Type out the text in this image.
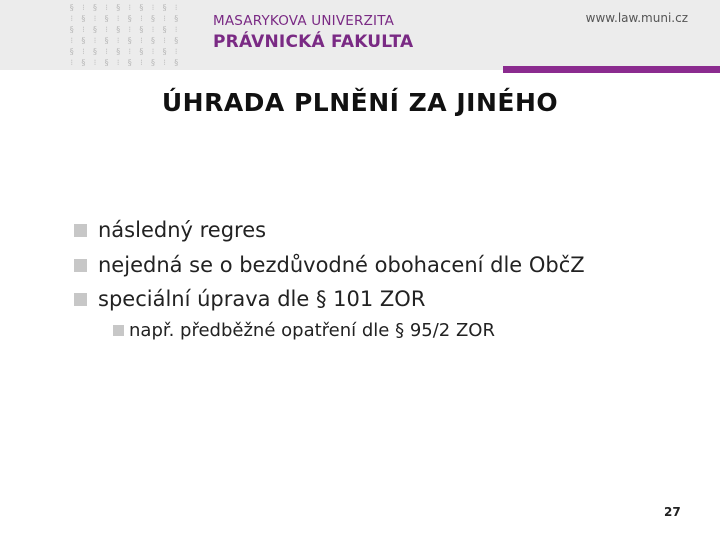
§	⁝	§	⁝	§	⁝	§	⁝	§	⁝
⁝	§	⁝	§	⁝	§	⁝	§	⁝	§
§	⁝	§	⁝	§	⁝	§	⁝	§	⁝
⁝	§	⁝	§	⁝	§	⁝	§	⁝	§
§	⁝	§	⁝	§	⁝	§	⁝	§	⁝
⁝	§	⁝	§	⁝	§	⁝	§	⁝	§
MASARYKOVA UNIVERZITA
PRÁVNICKÁ FAKULTA
www.law.muni.cz
ÚHRADA PLNĚNÍ ZA JINÉHO
následný regres
nejedná se o bezdůvodné obohacení dle ObčZ
speciální úprava dle § 101 ZOR
např. předběžné opatření dle § 95/2 ZOR
27
